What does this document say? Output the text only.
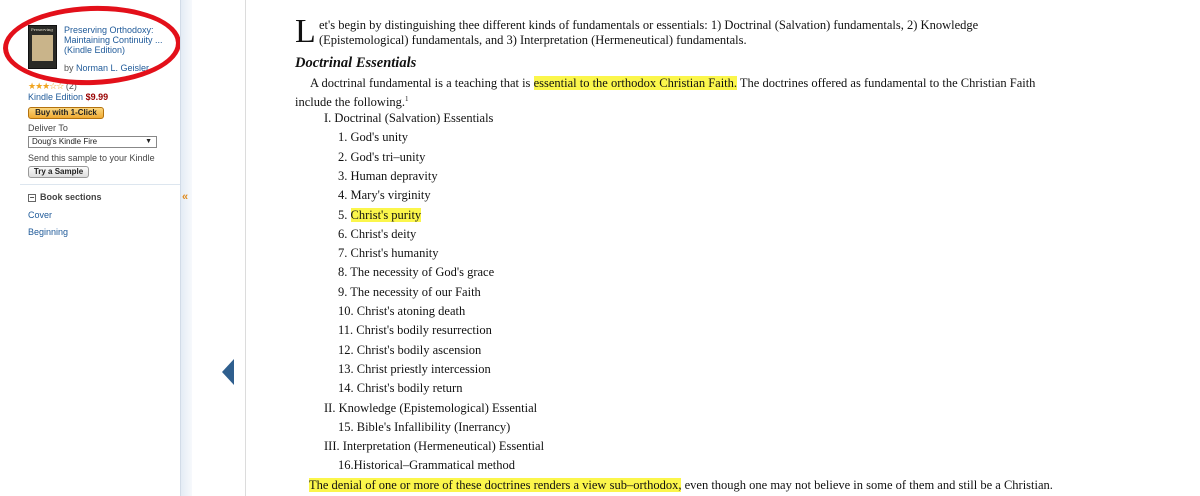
Preserving Preserving Orthodoxy: Maintaining Continuity ... (Kindle Edition)
by Norman L. Geisler
★★★☆☆ (2)
Kindle Edition $9.99
Buy with 1-Click
Deliver To
Doug's Kindle Fire	▼
Send this sample to your Kindle
Try a Sample
− Book sections
Cover
Beginning
«
L et's begin by distinguishing thee different kinds of fundamentals or essentials: 1) Doctrinal (Salvation) fundamentals, 2) Knowledge
(Epistemological) fundamentals, and 3) Interpretation (Hermeneutical) fundamentals.
Doctrinal Essentials
A doctrinal fundamental is a teaching that is essential to the orthodox Christian Faith. The doctrines offered as fundamental to the Christian Faith
include the following.$^1$
I. Doctrinal (Salvation) Essentials
1. God's unity
2. God's tri–unity
3. Human depravity
4. Mary's virginity
5. Christ's purity
6. Christ's deity
7. Christ's humanity
8. The necessity of God's grace
9. The necessity of our Faith
10. Christ's atoning death
11. Christ's bodily resurrection
12. Christ's bodily ascension
13. Christ priestly intercession
14. Christ's bodily return
II. Knowledge (Epistemological) Essential
15. Bible's Infallibility (Inerrancy)
III. Interpretation (Hermeneutical) Essential
16.Historical–Grammatical method
The denial of one or more of these doctrines renders a view sub–orthodox, even though one may not believe in some of them and still be a Christian.
